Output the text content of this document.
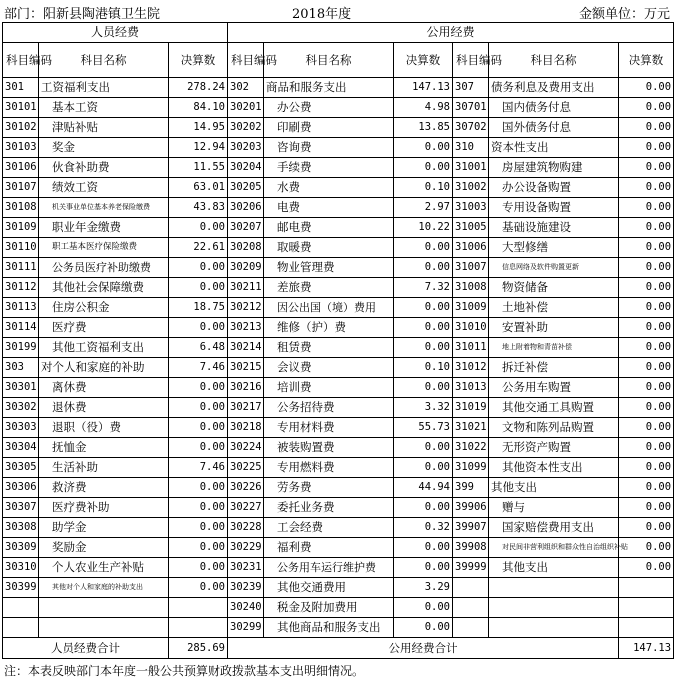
部门：阳新县陶港镇卫生院	2018年度	金额单位：万元
人员经费			公用经费					
科目编码	科目名称	决算数	科目编码	科目名称	决算数	科目编码	科目名称	决算数
301	工资福利支出	278.24	302	商品和服务支出	147.13	307	债务利息及费用支出	0.00
30101	基本工资	84.10	30201	办公费	4.98	30701	国内债务付息	0.00
30102	津贴补贴	14.95	30202	印刷费	13.85	30702	国外债务付息	0.00
30103	奖金	12.94	30203	咨询费	0.00	310	资本性支出	0.00
30106	伙食补助费	11.55	30204	手续费	0.00	31001	房屋建筑物购建	0.00
30107	绩效工资	63.01	30205	水费	0.10	31002	办公设备购置	0.00
30108	机关事业单位基本养老保险缴费	43.83	30206	电费	2.97	31003	专用设备购置	0.00
30109	职业年金缴费	0.00	30207	邮电费	10.22	31005	基础设施建设	0.00
30110	职工基本医疗保险缴费	22.61	30208	取暖费	0.00	31006	大型修缮	0.00
30111	公务员医疗补助缴费	0.00	30209	物业管理费	0.00	31007	信息网络及软件购置更新	0.00
30112	其他社会保障缴费	0.00	30211	差旅费	7.32	31008	物资储备	0.00
30113	住房公积金	18.75	30212	因公出国（境）费用	0.00	31009	土地补偿	0.00
30114	医疗费	0.00	30213	维修（护）费	0.00	31010	安置补助	0.00
30199	其他工资福利支出	6.48	30214	租赁费	0.00	31011	地上附着物和青苗补偿	0.00
303	对个人和家庭的补助	7.46	30215	会议费	0.10	31012	拆迁补偿	0.00
30301	离休费	0.00	30216	培训费	0.00	31013	公务用车购置	0.00
30302	退休费	0.00	30217	公务招待费	3.32	31019	其他交通工具购置	0.00
30303	退职（役）费	0.00	30218	专用材料费	55.73	31021	文物和陈列品购置	0.00
30304	抚恤金	0.00	30224	被装购置费	0.00	31022	无形资产购置	0.00
30305	生活补助	7.46	30225	专用燃料费	0.00	31099	其他资本性支出	0.00
30306	救济费	0.00	30226	劳务费	44.94	399	其他支出	0.00
30307	医疗费补助	0.00	30227	委托业务费	0.00	39906	赠与	0.00
30308	助学金	0.00	30228	工会经费	0.32	39907	国家赔偿费用支出	0.00
30309	奖励金	0.00	30229	福利费	0.00	39908	对民间非营利组织和群众性自治组织补贴	0.00
30310	个人农业生产补贴	0.00	30231	公务用车运行维护费	0.00	39999	其他支出	0.00
30399	其他对个人和家庭的补助支出	0.00	30239	其他交通费用	3.29			
			30240	税金及附加费用	0.00			
			30299	其他商品和服务支出	0.00			
人员经费合计		285.69	公用经费合计					147.13
注：本表反映部门本年度一般公共预算财政拨款基本支出明细情况。
